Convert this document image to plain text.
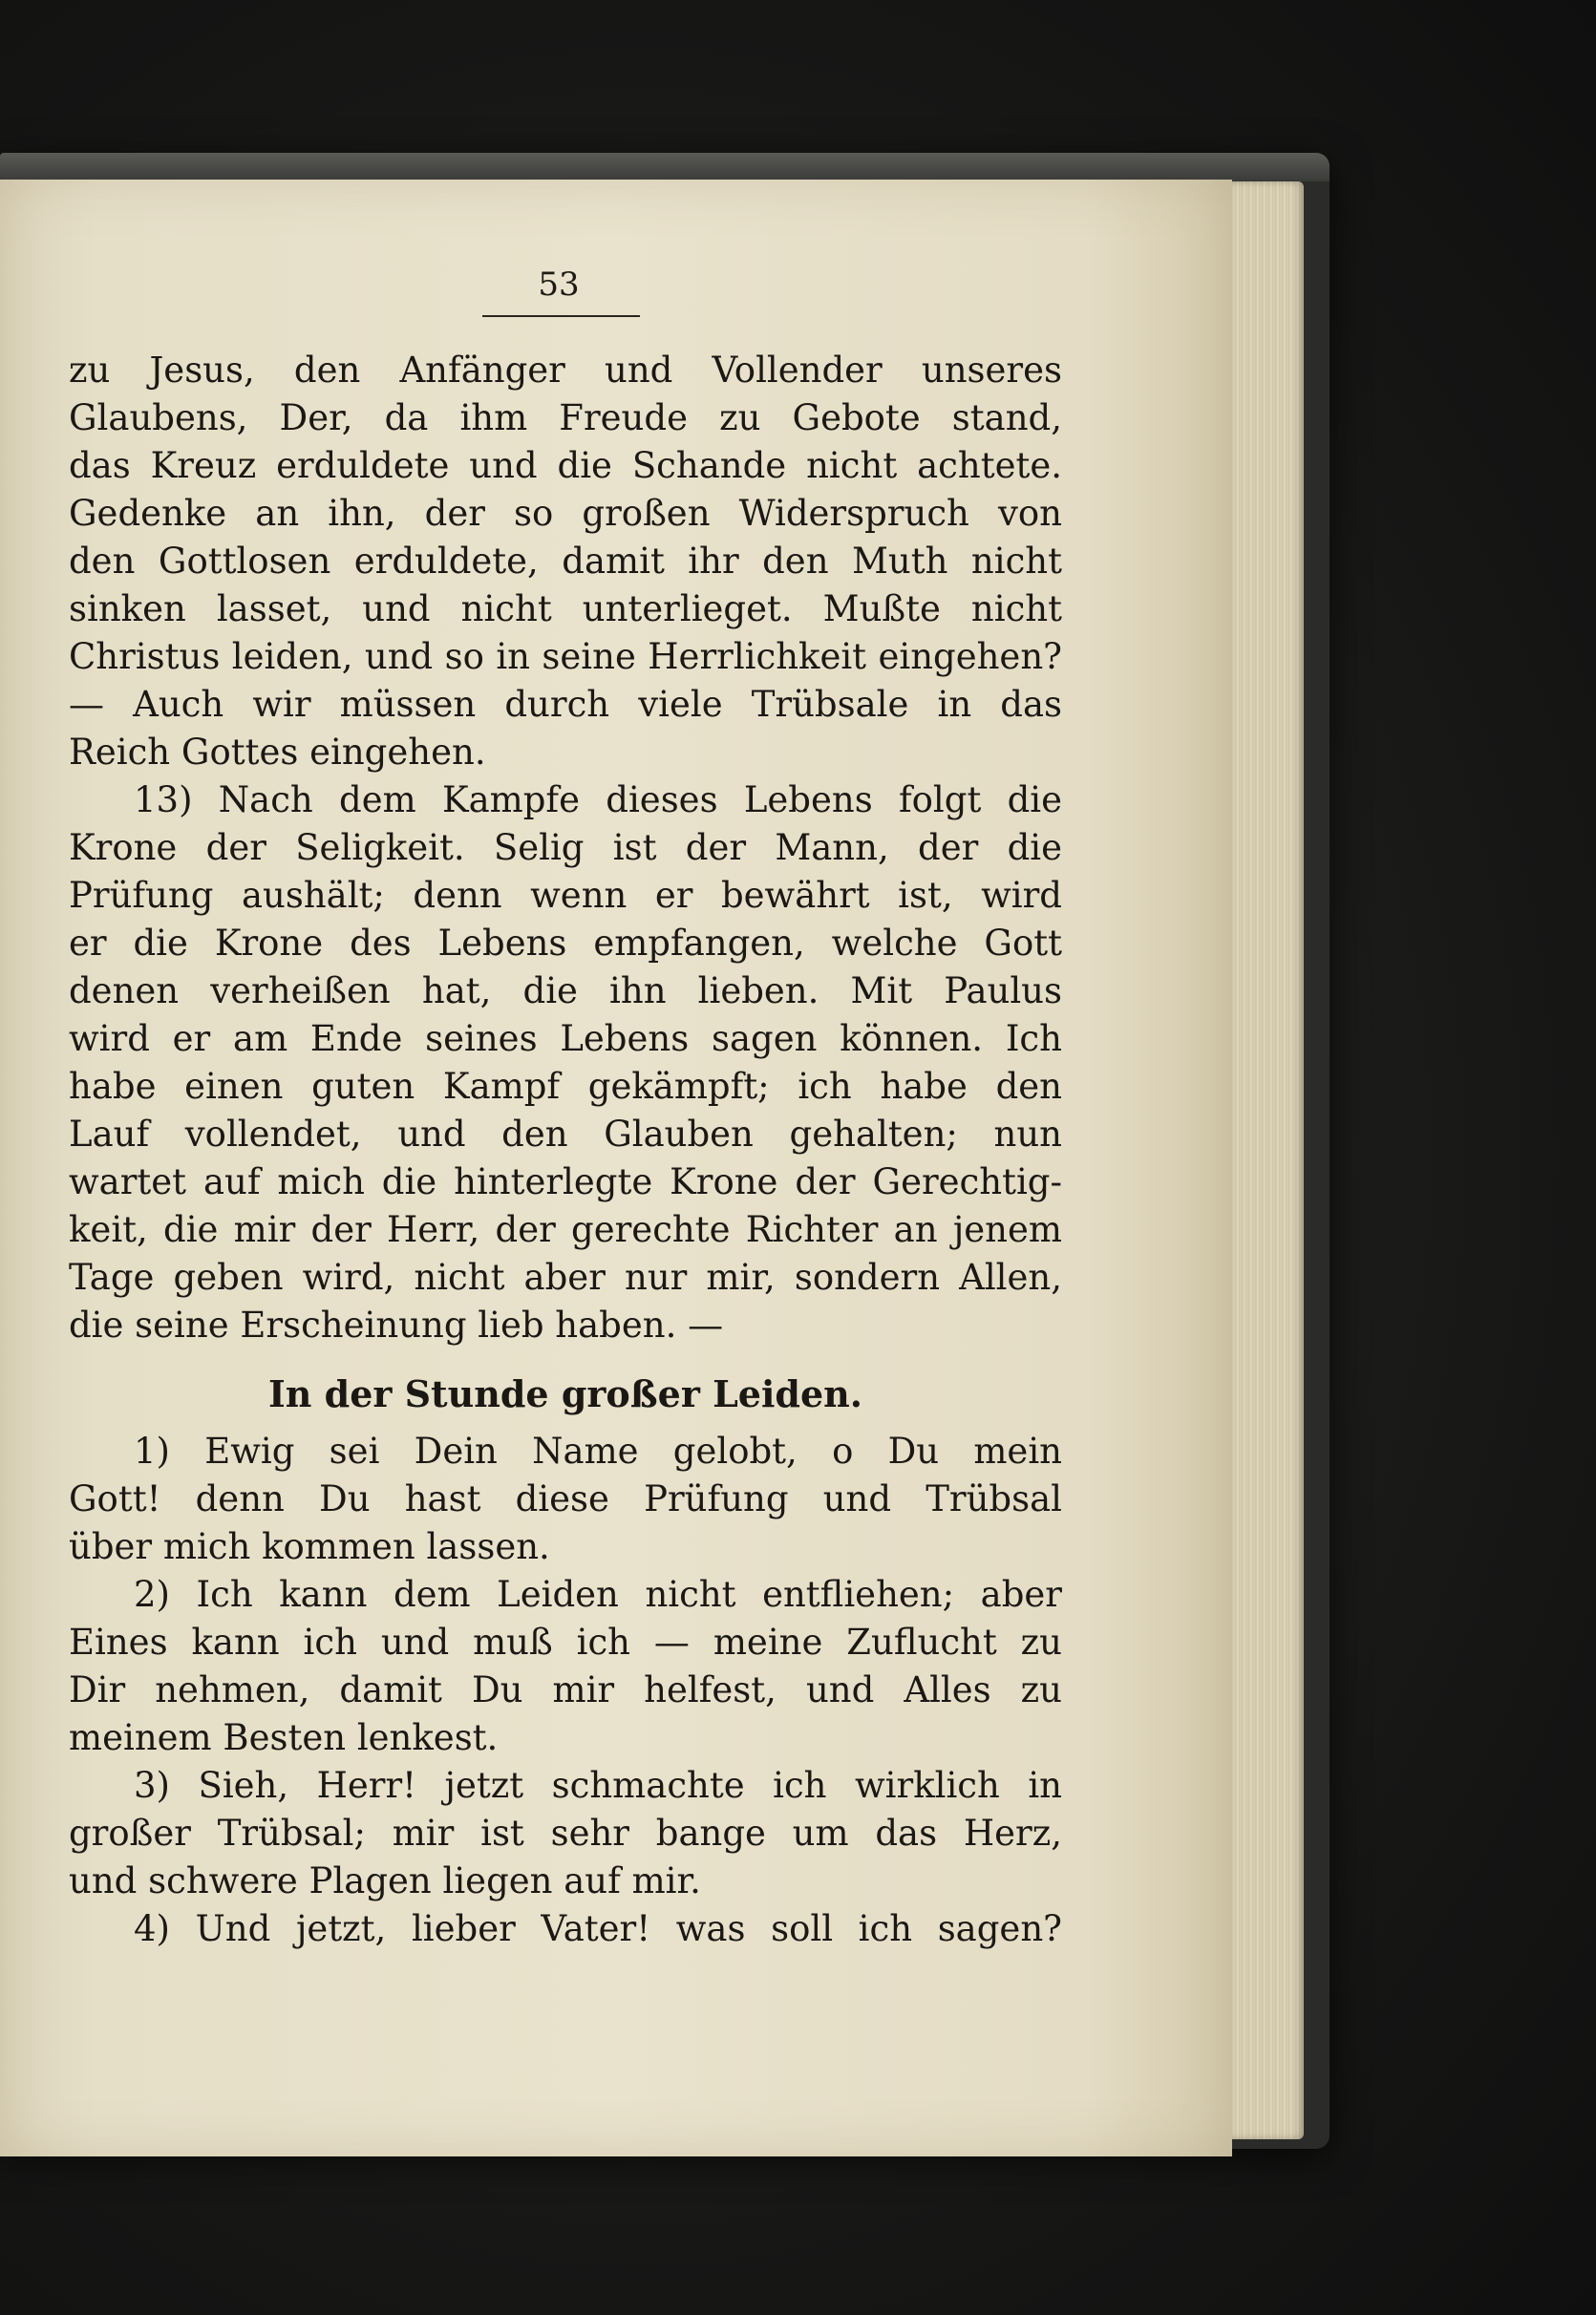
53
zu Jesus, den Anfänger und Vollender unseres
Glaubens, Der, da ihm Freude zu Gebote stand,
das Kreuz erduldete und die Schande nicht achtete.
Gedenke an ihn, der so großen Widerspruch von
den Gottlosen erduldete, damit ihr den Muth nicht
sinken lasset, und nicht unterlieget. Mußte nicht
Christus leiden, und so in seine Herrlichkeit eingehen?
— Auch wir müssen durch viele Trübsale in das
Reich Gottes eingehen.
13) Nach dem Kampfe dieses Lebens folgt die
Krone der Seligkeit. Selig ist der Mann, der die
Prüfung aushält; denn wenn er bewährt ist, wird
er die Krone des Lebens empfangen, welche Gott
denen verheißen hat, die ihn lieben. Mit Paulus
wird er am Ende seines Lebens sagen können. Ich
habe einen guten Kampf gekämpft; ich habe den
Lauf vollendet, und den Glauben gehalten; nun
wartet auf mich die hinterlegte Krone der Gerechtig-
keit, die mir der Herr, der gerechte Richter an jenem
Tage geben wird, nicht aber nur mir, sondern Allen,
die seine Erscheinung lieb haben. —
In der Stunde großer Leiden.
1) Ewig sei Dein Name gelobt, o Du mein
Gott! denn Du hast diese Prüfung und Trübsal
über mich kommen lassen.
2) Ich kann dem Leiden nicht entfliehen; aber
Eines kann ich und muß ich — meine Zuflucht zu
Dir nehmen, damit Du mir helfest, und Alles zu
meinem Besten lenkest.
3) Sieh, Herr! jetzt schmachte ich wirklich in
großer Trübsal; mir ist sehr bange um das Herz,
und schwere Plagen liegen auf mir.
4) Und jetzt, lieber Vater! was soll ich sagen?
